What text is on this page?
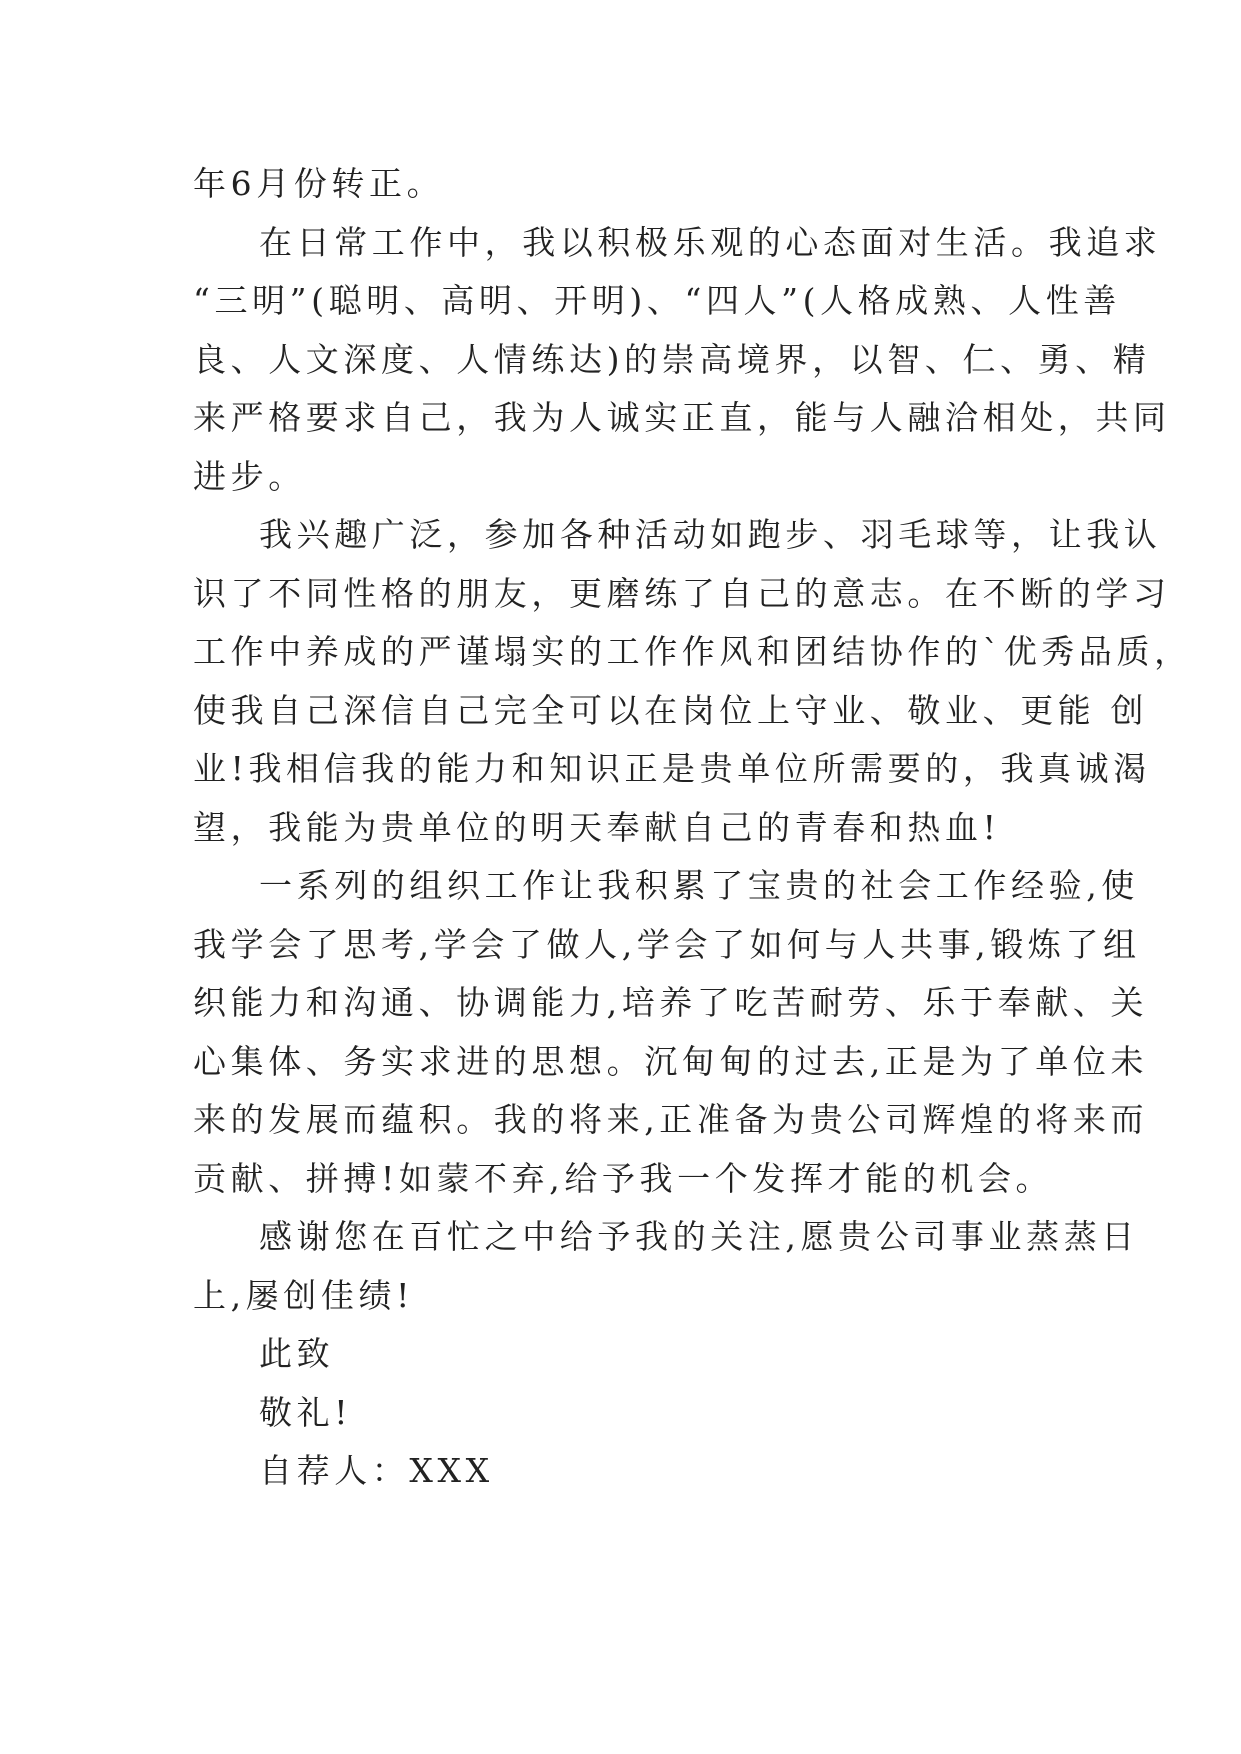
年6月份转正。
在日常工作中，我以积极乐观的心态面对生活。我追求
“三明”(聪明、高明、开明)、“四人”(人格成熟、人性善
良、人文深度、人情练达)的崇高境界，以智、仁、勇、精
来严格要求自己，我为人诚实正直，能与人融洽相处，共同
进步。
我兴趣广泛，参加各种活动如跑步、羽毛球等，让我认
识了不同性格的朋友，更磨练了自己的意志。在不断的学习
工作中养成的严谨塌实的工作作风和团结协作的`优秀品质，
使我自己深信自己完全可以在岗位上守业、敬业、更能 创
业!我相信我的能力和知识正是贵单位所需要的，我真诚渴
望，我能为贵单位的明天奉献自己的青春和热血!
一系列的组织工作让我积累了宝贵的社会工作经验,使
我学会了思考,学会了做人,学会了如何与人共事,锻炼了组
织能力和沟通、协调能力,培养了吃苦耐劳、乐于奉献、关
心集体、务实求进的思想。沉甸甸的过去,正是为了单位未
来的发展而蕴积。我的将来,正准备为贵公司辉煌的将来而
贡献、拼搏!如蒙不弃,给予我一个发挥才能的机会。
感谢您在百忙之中给予我的关注,愿贵公司事业蒸蒸日
上,屡创佳绩!
此致
敬礼!
自荐人：XXX
